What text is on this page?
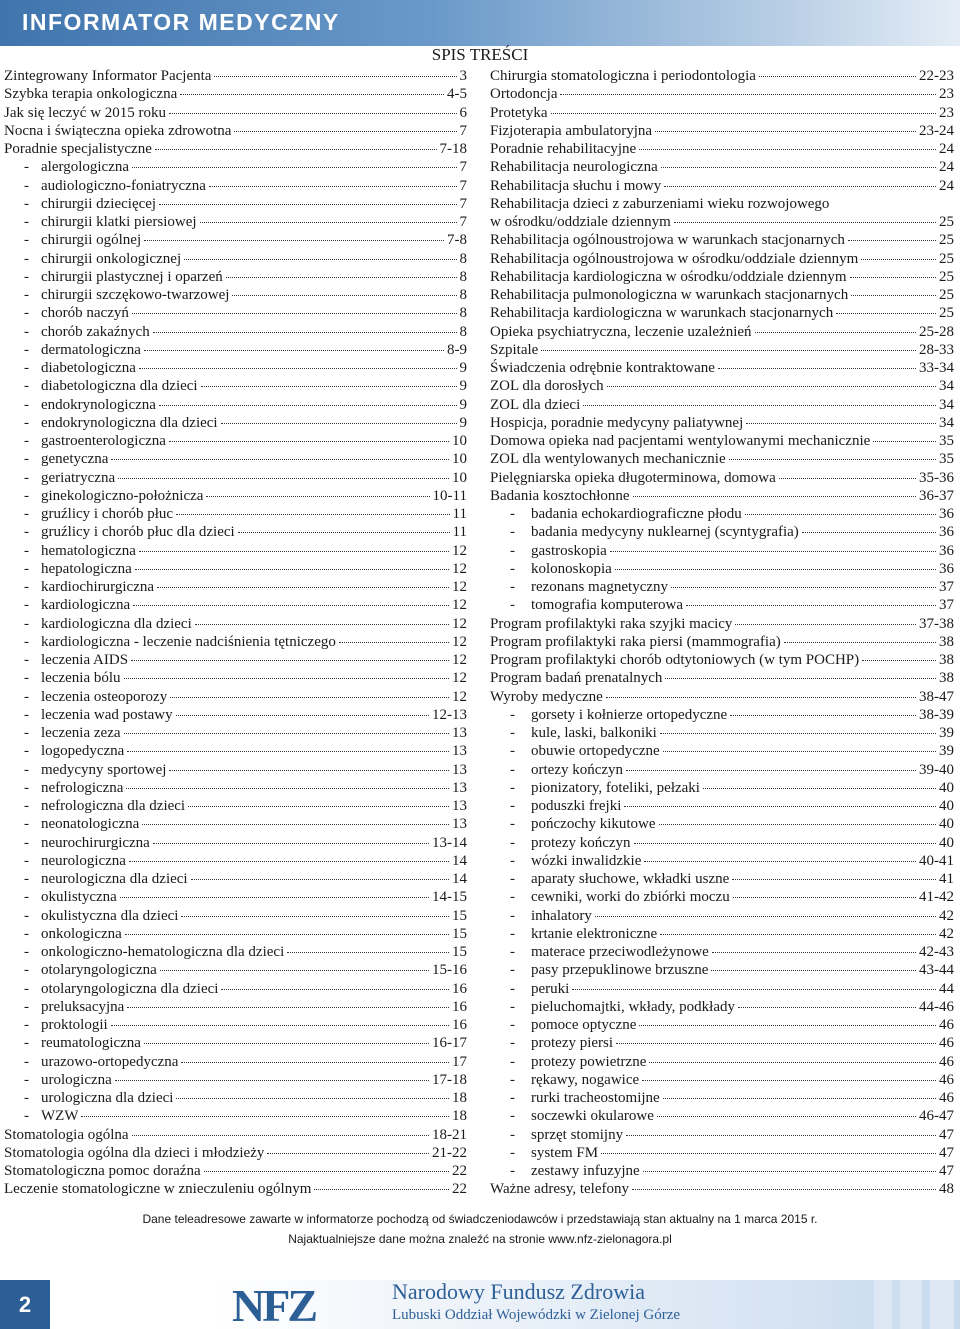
INFORMATOR MEDYCZNY
SPIS TREŚCI
Zintegrowany Informator Pacjenta	3
Szybka terapia onkologiczna	4-5
Jak się leczyć w 2015 roku	6
Nocna i świąteczna opieka zdrowotna	7
Poradnie specjalistyczne	7-18
- alergologiczna	7
- audiologiczno-foniatryczna	7
- chirurgii dziecięcej	7
- chirurgii klatki piersiowej	7
- chirurgii ogólnej	7-8
- chirurgii onkologicznej	8
- chirurgii plastycznej i oparzeń	8
- chirurgii szczękowo-twarzowej	8
- chorób naczyń	8
- chorób zakaźnych	8
- dermatologiczna	8-9
- diabetologiczna	9
- diabetologiczna dla dzieci	9
- endokrynologiczna	9
- endokrynologiczna dla dzieci	9
- gastroenterologiczna	10
- genetyczna	10
- geriatryczna	10
- ginekologiczno-położnicza	10-11
- gruźlicy i chorób płuc	11
- gruźlicy i chorób płuc dla dzieci	11
- hematologiczna	12
- hepatologiczna	12
- kardiochirurgiczna	12
- kardiologiczna	12
- kardiologiczna dla dzieci	12
- kardiologiczna - leczenie nadciśnienia tętniczego	12
- leczenia AIDS	12
- leczenia bólu	12
- leczenia osteoporozy	12
- leczenia wad postawy	12-13
- leczenia zeza	13
- logopedyczna	13
- medycyny sportowej	13
- nefrologiczna	13
- nefrologiczna dla dzieci	13
- neonatologiczna	13
- neurochirurgiczna	13-14
- neurologiczna	14
- neurologiczna dla dzieci	14
- okulistyczna	14-15
- okulistyczna dla dzieci	15
- onkologiczna	15
- onkologiczno-hematologiczna dla dzieci	15
- otolaryngologiczna	15-16
- otolaryngologiczna dla dzieci	16
- preluksacyjna	16
- proktologii	16
- reumatologiczna	16-17
- urazowo-ortopedyczna	17
- urologiczna	17-18
- urologiczna dla dzieci	18
- WZW	18
Stomatologia ogólna	18-21
Stomatologia ogólna dla dzieci i młodzieży	21-22
Stomatologiczna pomoc doraźna	22
Leczenie stomatologiczne w znieczuleniu ogólnym	22
Chirurgia stomatologiczna i periodontologia	22-23
Ortodoncja	23
Protetyka	23
Fizjoterapia ambulatoryjna	23-24
Poradnie rehabilitacyjne	24
Rehabilitacja neurologiczna	24
Rehabilitacja słuchu i mowy	24
Rehabilitacja dzieci z zaburzeniami wieku rozwojowego
w ośrodku/oddziale dziennym	25
Rehabilitacja ogólnoustrojowa w warunkach stacjonarnych	25
Rehabilitacja ogólnoustrojowa w ośrodku/oddziale dziennym	25
Rehabilitacja kardiologiczna w ośrodku/oddziale dziennym	25
Rehabilitacja pulmonologiczna w warunkach stacjonarnych	25
Rehabilitacja kardiologiczna w warunkach stacjonarnych	25
Opieka psychiatryczna, leczenie uzależnień	25-28
Szpitale	28-33
Świadczenia odrębnie kontraktowane	33-34
ZOL dla dorosłych	34
ZOL dla dzieci	34
Hospicja, poradnie medycyny paliatywnej	34
Domowa opieka nad pacjentami wentylowanymi mechanicznie	35
ZOL dla wentylowanych mechanicznie	35
Pielęgniarska opieka długoterminowa, domowa	35-36
Badania kosztochłonne	36-37
-	badania echokardiograficzne płodu	36
-	badania medycyny nuklearnej (scyntygrafia)	36
-	gastroskopia	36
-	kolonoskopia	36
-	rezonans magnetyczny	37
-	tomografia komputerowa	37
Program profilaktyki raka szyjki macicy	37-38
Program profilaktyki raka piersi (mammografia)	38
Program profilaktyki chorób odtytoniowych (w tym POCHP)	38
Program badań prenatalnych	38
Wyroby medyczne	38-47
-	gorsety i kołnierze ortopedyczne	38-39
-	kule, laski, balkoniki	39
-	obuwie ortopedyczne	39
-	ortezy kończyn	39-40
-	pionizatory, foteliki, pełzaki	40
-	poduszki frejki	40
-	pończochy kikutowe	40
-	protezy kończyn	40
-	wózki inwalidzkie	40-41
-	aparaty słuchowe, wkładki uszne	41
-	cewniki, worki do zbiórki moczu	41-42
-	inhalatory	42
-	krtanie elektroniczne	42
-	materace przeciwodleżynowe	42-43
-	pasy przepuklinowe brzuszne	43-44
-	peruki	44
-	pieluchomajtki, wkłady, podkłady	44-46
-	pomoce optyczne	46
-	protezy piersi	46
-	protezy powietrzne	46
-	rękawy, nogawice	46
-	rurki tracheostomijne	46
-	soczewki okularowe	46-47
-	sprzęt stomijny	47
-	system FM	47
-	zestawy infuzyjne	47
Ważne adresy, telefony	48
Dane teleadresowe zawarte w informatorze pochodzą od świadczeniodawców i przedstawiają stan aktualny na 1 marca 2015 r.
Najaktualniejsze dane można znaleźć na stronie www.nfz-zielonagora.pl
2	NFZ	Narodowy Fundusz Zdrowia
Lubuski Oddział Wojewódzki w Zielonej Górze
